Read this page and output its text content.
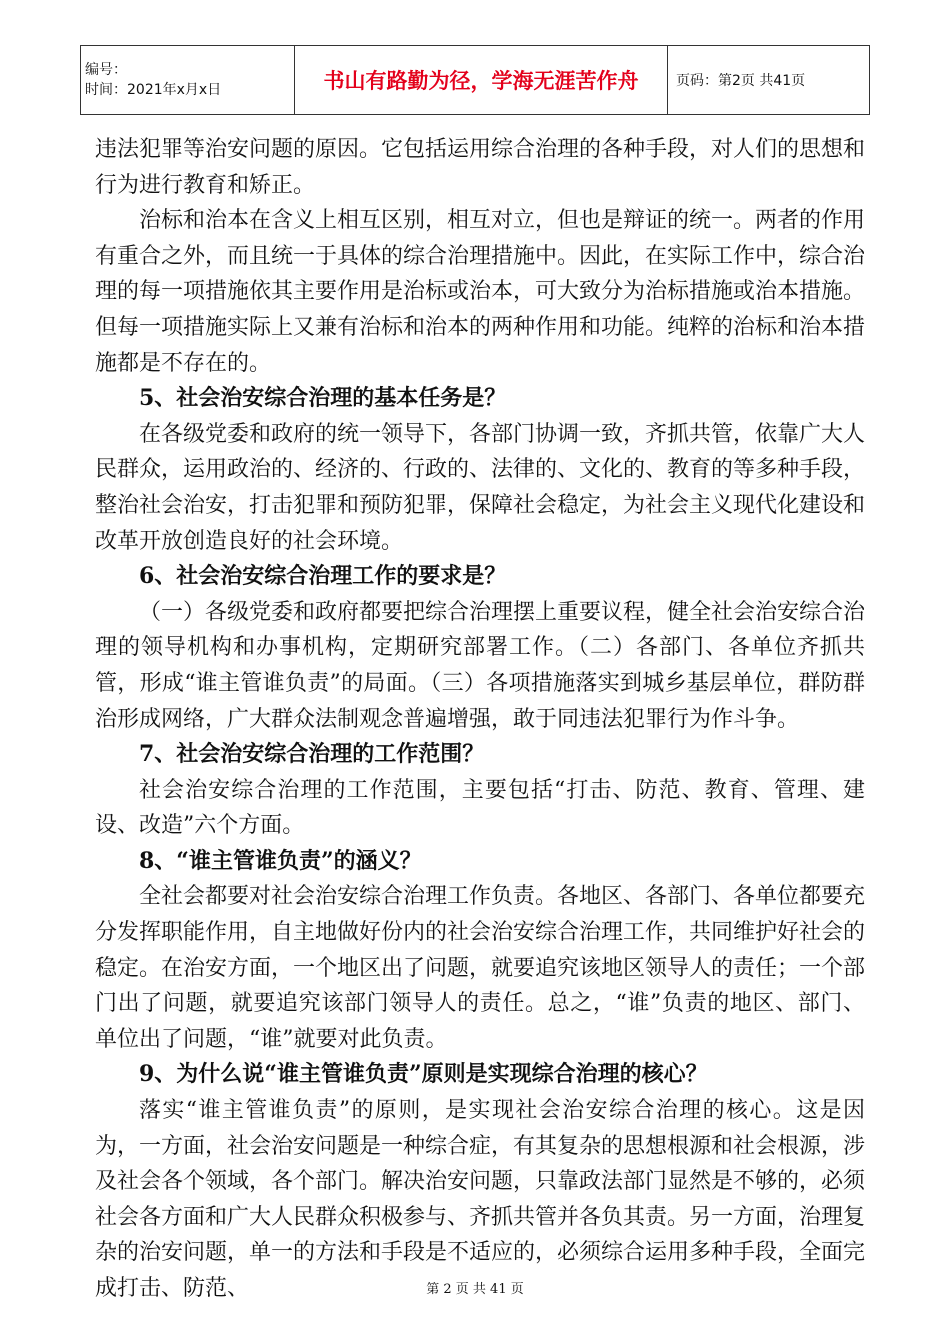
编号：
时间：2021年x月x日	书山有路勤为径，学海无涯苦作舟	页码：第2页 共41页

违法犯罪等治安问题的原因。它包括运用综合治理的各种手段，对人们的思想和行为进行教育和矫正。

治标和治本在含义上相互区别，相互对立，但也是辩证的统一。两者的作用有重合之外，而且统一于具体的综合治理措施中。因此，在实际工作中，综合治理的每一项措施依其主要作用是治标或治本，可大致分为治标措施或治本措施。但每一项措施实际上又兼有治标和治本的两种作用和功能。纯粹的治标和治本措施都是不存在的。

5、社会治安综合治理的基本任务是？

在各级党委和政府的统一领导下，各部门协调一致，齐抓共管，依靠广大人民群众，运用政治的、经济的、行政的、法律的、文化的、教育的等多种手段，整治社会治安，打击犯罪和预防犯罪，保障社会稳定，为社会主义现代化建设和改革开放创造良好的社会环境。

6、社会治安综合治理工作的要求是？

（一）各级党委和政府都要把综合治理摆上重要议程，健全社会治安综合治理的领导机构和办事机构，定期研究部署工作。（二）各部门、各单位齐抓共管，形成“谁主管谁负责”的局面。（三）各项措施落实到城乡基层单位，群防群治形成网络，广大群众法制观念普遍增强，敢于同违法犯罪行为作斗争。

7、社会治安综合治理的工作范围？

社会治安综合治理的工作范围，主要包括“打击、防范、教育、管理、建设、改造”六个方面。

8、“谁主管谁负责”的涵义？

全社会都要对社会治安综合治理工作负责。各地区、各部门、各单位都要充分发挥职能作用，自主地做好份内的社会治安综合治理工作，共同维护好社会的稳定。在治安方面，一个地区出了问题，就要追究该地区领导人的责任；一个部门出了问题，就要追究该部门领导人的责任。总之，“谁”负责的地区、部门、单位出了问题，“谁”就要对此负责。

9、为什么说“谁主管谁负责”原则是实现综合治理的核心？

落实“谁主管谁负责”的原则，是实现社会治安综合治理的核心。这是因为，一方面，社会治安问题是一种综合症，有其复杂的思想根源和社会根源，涉及社会各个领域，各个部门。解决治安问题，只靠政法部门显然是不够的，必须社会各方面和广大人民群众积极参与、齐抓共管并各负其责。另一方面，治理复杂的治安问题，单一的方法和手段是不适应的，必须综合运用多种手段，全面完成打击、防范、	第 2 页 共 41 页
